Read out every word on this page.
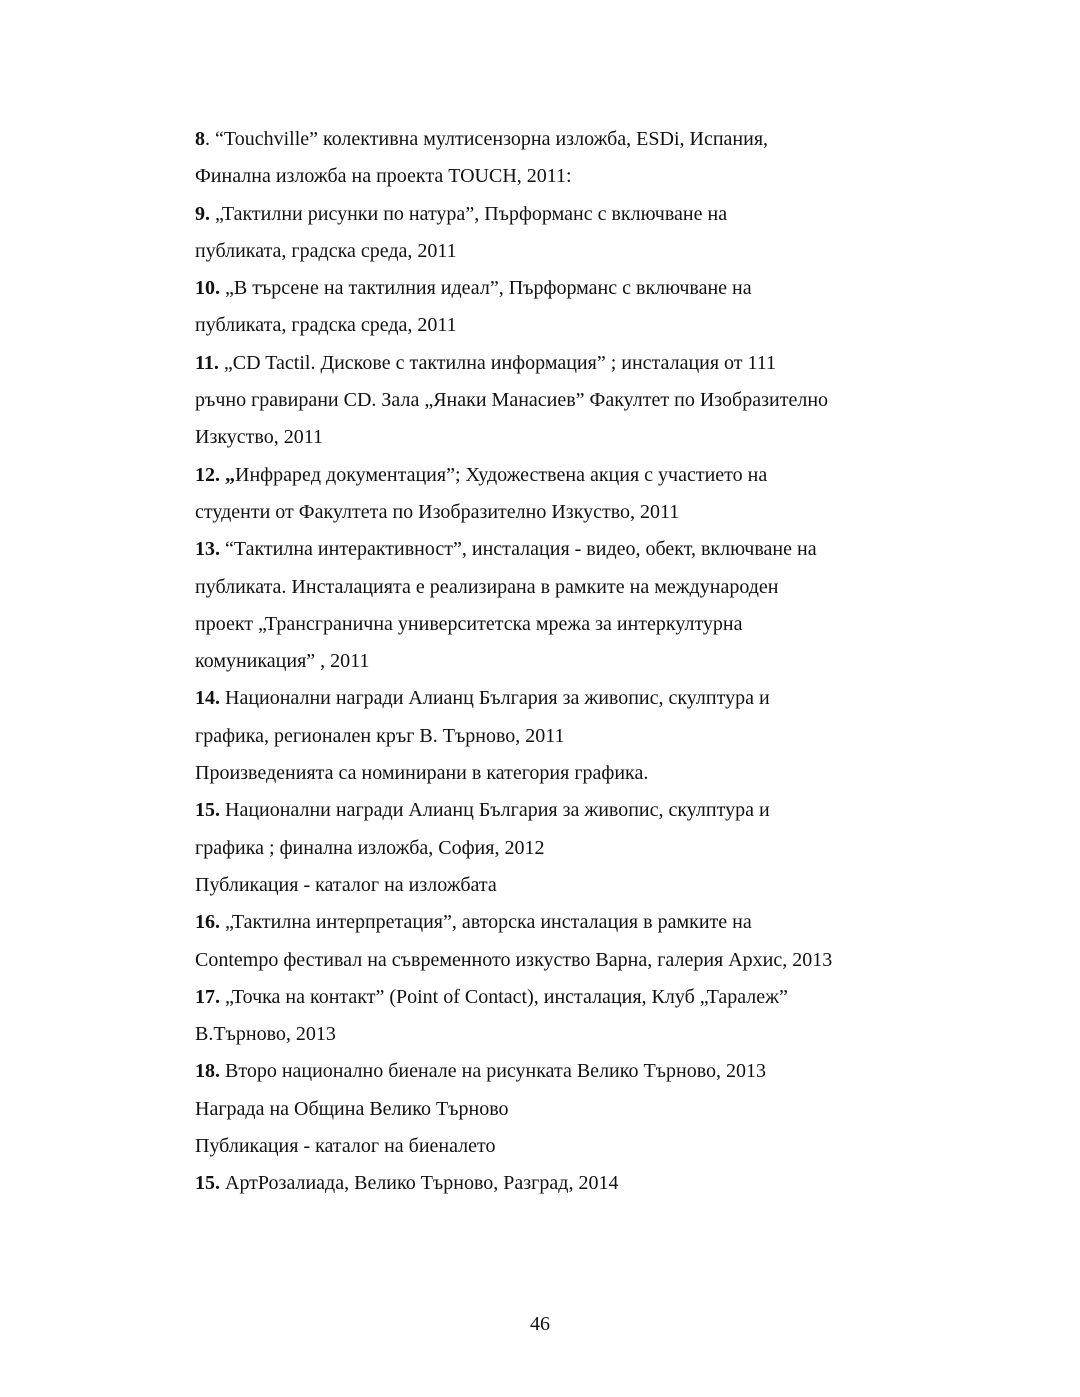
8. “Touchville” колективна мултисензорна изложба, ESDi, Испания,
Финална изложба на проекта TOUCH, 2011:
9. „Тактилни рисунки по натура”, Пърформанс с включване на
публиката, градска среда, 2011
10. „В търсене на тактилния идеал”, Пърформанс с включване на
публиката, градска среда, 2011
11. „CD Tactil. Дискове с тактилна информация” ; инсталация от 111
ръчно гравирани CD. Зала „Янаки Манасиев” Факултет по Изобразително
Изкуство, 2011
12. „Инфрарeд документация”; Художествена акция с участието на
студенти от Факултета по Изобразително Изкуство, 2011
13. “Тактилна интерактивност”, инсталация - видео, обект, включване на
публиката. Инсталацията е реализирана в рамките на международен
проект „Трансгранична университетска мрежа за интеркултурна
комуникация” , 2011
14. Национални награди Алианц България за живопис, скулптура и
графика, регионален кръг В. Търново, 2011
Произведенията са номинирани в категория графика.
15. Национални награди Алианц България за живопис, скулптура и
графика ; финална изложба, София, 2012
Публикация - каталог на изложбата
16. „Тактилна интерпретация”, авторска инсталация в рамките на
Contempo фестивал на съвременното изкуство Варна, галерия Архис, 2013
17. „Точка на контакт” (Point of Contact), инсталация, Клуб „Таралеж”
В.Търново, 2013
18. Второ национално биенале на рисунката Велико Търново, 2013
Награда на Община Велико Търново
Публикация - каталог на биеналето
15. АртРозалиада, Велико Търново, Разград, 2014
46
